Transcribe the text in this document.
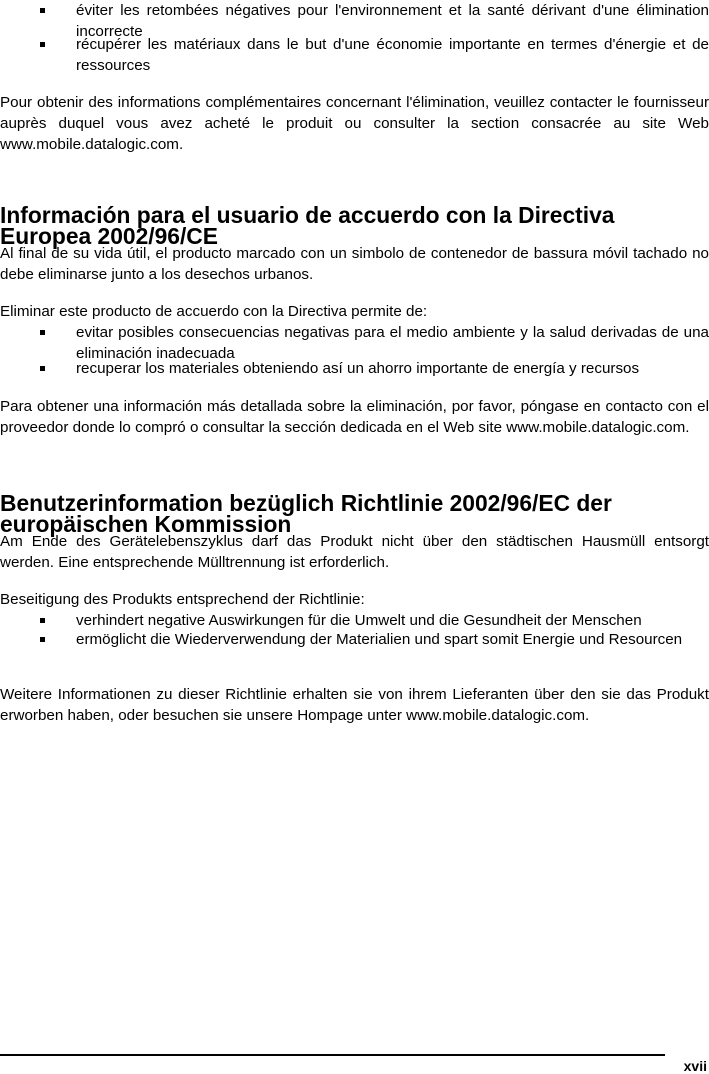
éviter les retombées négatives pour l'environnement et la santé dérivant d'une élimination incorrecte

récupérer les matériaux dans le but d'une économie importante en termes d'énergie et de ressources

Pour obtenir des informations complémentaires concernant l'élimination, veuillez contacter le fournisseur auprès duquel vous avez acheté le produit ou consulter la section consacrée au site Web www.mobile.datalogic.com.

Información para el usuario de accuerdo con la Directiva Europea 2002/96/CE

Al final de su vida útil, el producto marcado con un simbolo de contenedor de bassura móvil tachado no debe eliminarse junto a los desechos urbanos.

Eliminar este producto de accuerdo con la Directiva permite de:

evitar posibles consecuencias negativas para el medio ambiente y la salud derivadas de una eliminación inadecuada

recuperar los materiales obteniendo así un ahorro importante de energía y recursos

Para obtener una información más detallada sobre la eliminación, por favor, póngase en contacto con el proveedor donde lo compró o consultar la sección dedicada en el Web site www.mobile.datalogic.com.

Benutzerinformation bezüglich Richtlinie 2002/96/EC der europäischen Kommission

Am Ende des Gerätelebenszyklus darf das Produkt nicht über den städtischen Hausmüll entsorgt werden. Eine entsprechende Mülltrennung ist erforderlich.

Beseitigung des Produkts entsprechend der Richtlinie:

verhindert negative Auswirkungen für die Umwelt und die Gesundheit der Menschen

ermöglicht die Wiederverwendung der Materialien und spart somit Energie und Resourcen

Weitere Informationen zu dieser Richtlinie erhalten sie von ihrem Lieferanten über den sie das Produkt erworben haben, oder besuchen sie unsere Hompage unter www.mobile.datalogic.com.

xvii
